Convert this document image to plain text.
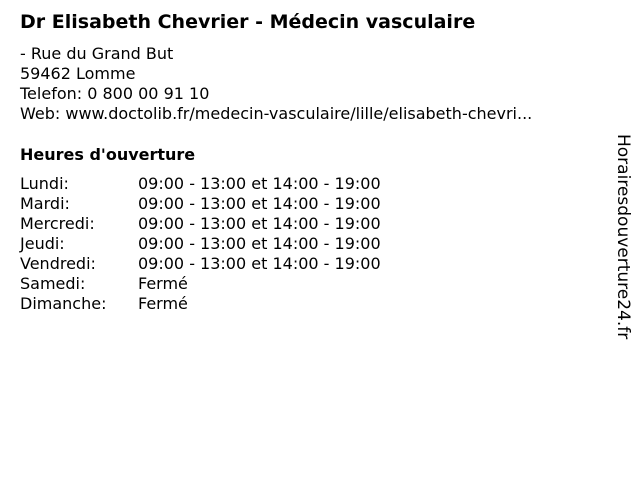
Dr Elisabeth Chevrier - Médecin vasculaire
- Rue du Grand But
59462 Lomme
Telefon: 0 800 00 91 10
Web: www.doctolib.fr/medecin-vasculaire/lille/elisabeth-chevri...
Heures d'ouverture
Lundi:	09:00 - 13:00 et 14:00 - 19:00
Mardi:	09:00 - 13:00 et 14:00 - 19:00
Mercredi:	09:00 - 13:00 et 14:00 - 19:00
Jeudi:	09:00 - 13:00 et 14:00 - 19:00
Vendredi:	09:00 - 13:00 et 14:00 - 19:00
Samedi:	Fermé
Dimanche:	Fermé	Horairesdouverture24.fr
